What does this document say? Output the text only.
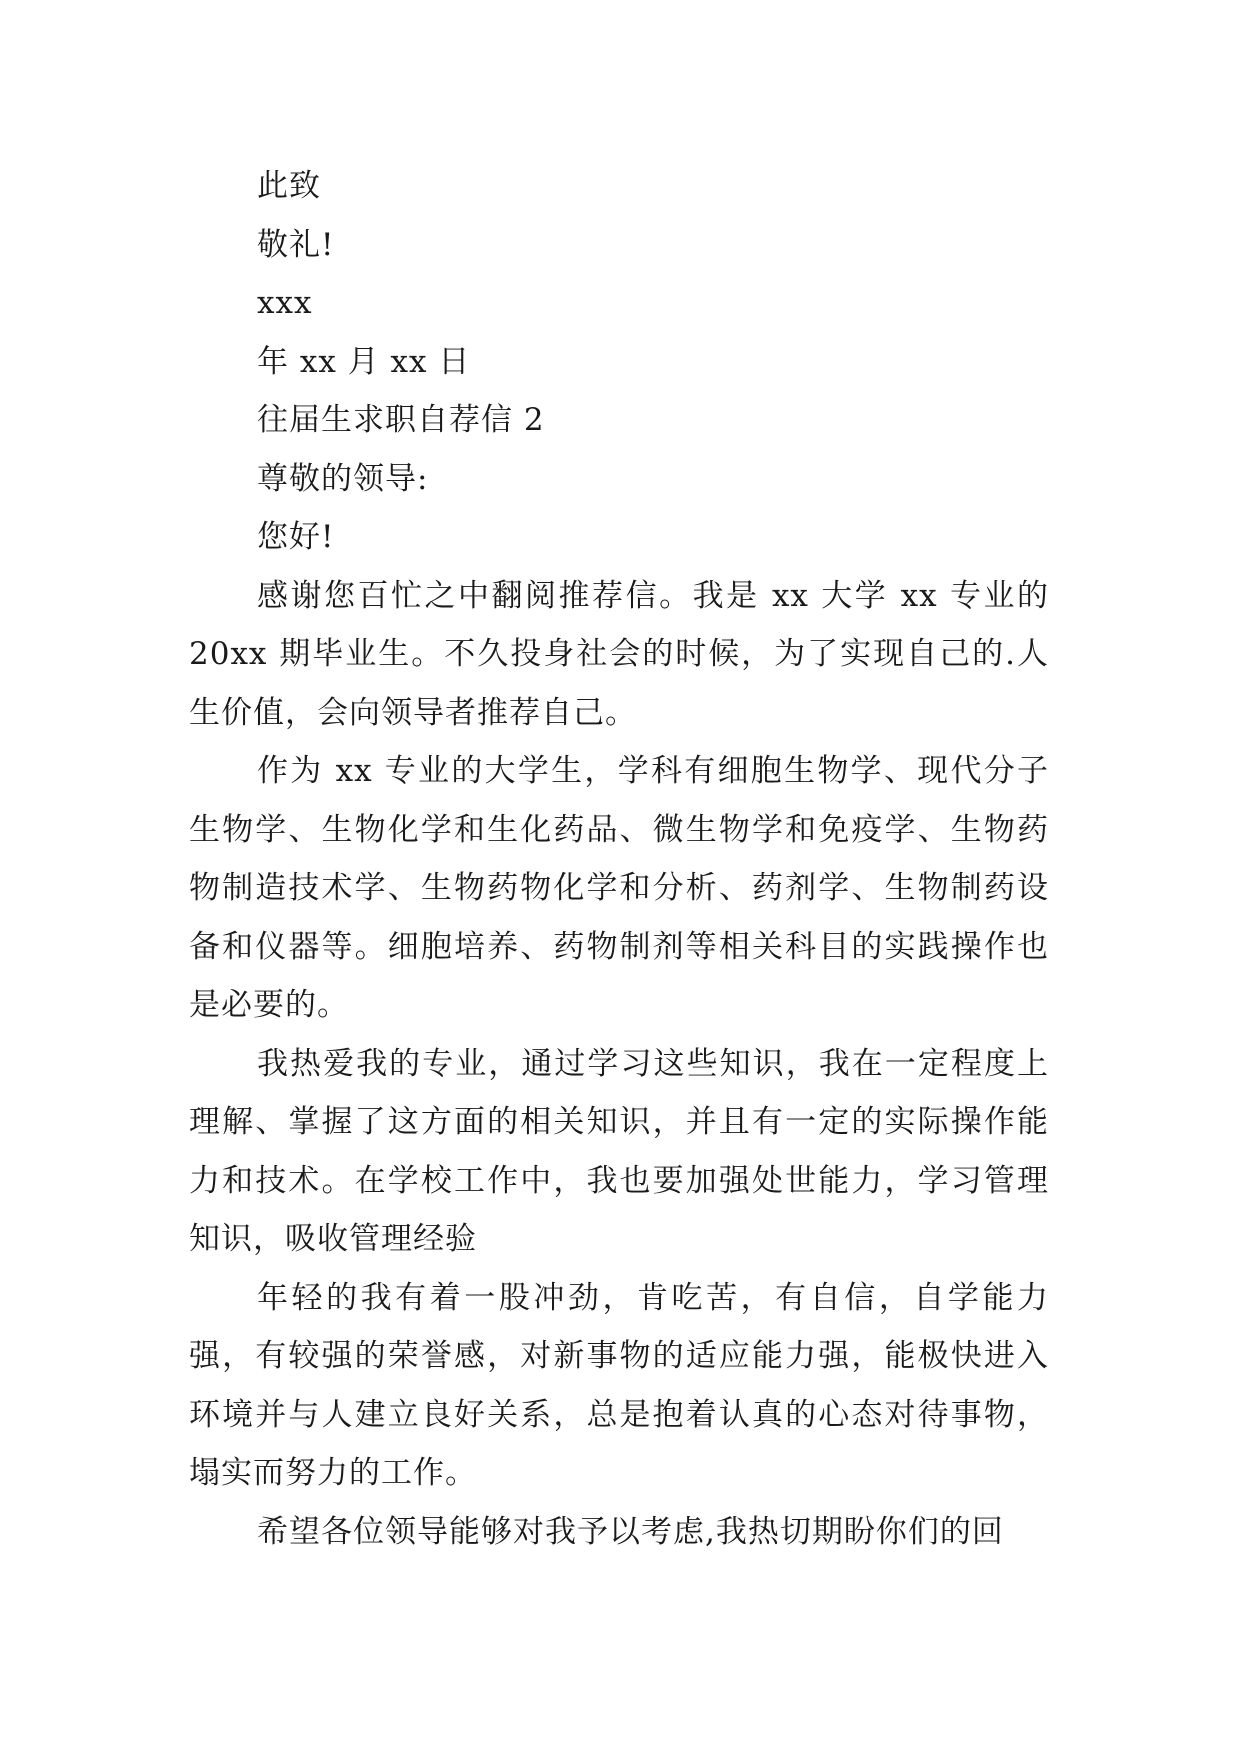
此致

敬礼!

xxx

年 xx 月 xx 日

往届生求职自荐信 2

尊敬的领导:

您好!

感谢您百忙之中翻阅推荐信。我是 xx 大学 xx 专业的 20xx 期毕业生。不久投身社会的时候，为了实现自己的.人生价值，会向领导者推荐自己。

作为 xx 专业的大学生，学科有细胞生物学、现代分子生物学、生物化学和生化药品、微生物学和免疫学、生物药物制造技术学、生物药物化学和分析、药剂学、生物制药设备和仪器等。细胞培养、药物制剂等相关科目的实践操作也是必要的。

我热爱我的专业，通过学习这些知识，我在一定程度上理解、掌握了这方面的相关知识，并且有一定的实际操作能力和技术。在学校工作中，我也要加强处世能力，学习管理知识，吸收管理经验

年轻的我有着一股冲劲，肯吃苦，有自信，自学能力强，有较强的荣誉感，对新事物的适应能力强，能极快进入环境并与人建立良好关系，总是抱着认真的心态对待事物，塌实而努力的工作。

希望各位领导能够对我予以考虑,我热切期盼你们的回
